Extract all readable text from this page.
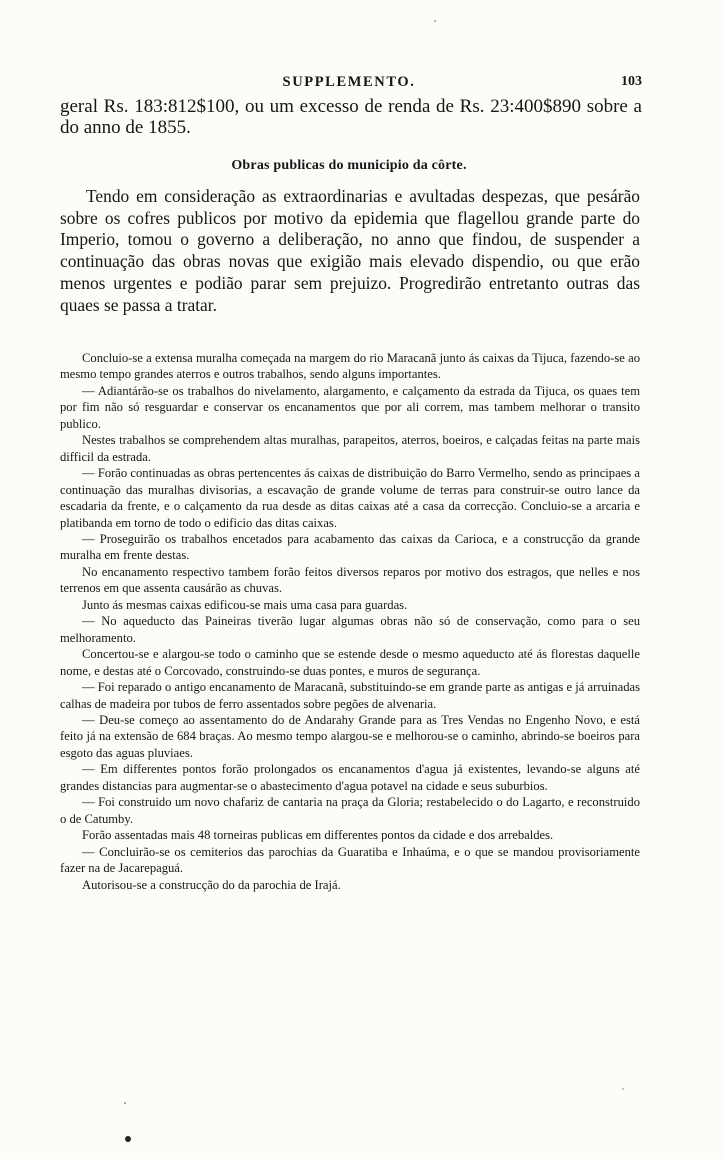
SUPPLEMENTO.	103
geral Rs. 183:812$100, ou um excesso de renda de Rs. 23:400$890 sobre a do anno de 1855.
Obras publicas do municipio da côrte.

Tendo em consideração as extraordinarias e avultadas despezas, que pesárão sobre os cofres publicos por motivo da epidemia que flagellou grande parte do Imperio, tomou o governo a deliberação, no anno que findou, de suspender a continuação das obras novas que exigião mais elevado dispendio, ou que erão menos urgentes e podião parar sem prejuizo. Progredirão entretanto outras das quaes se passa a tratar.

Concluio-se a extensa muralha começada na margem do rio Maracanã junto ás caixas da Tijuca, fazendo-se ao mesmo tempo grandes aterros e outros trabalhos, sendo alguns importantes.

— Adiantárão-se os trabalhos do nivelamento, alargamento, e calçamento da estrada da Tijuca, os quaes tem por fim não só resguardar e conservar os encanamentos que por ali correm, mas tambem melhorar o transito publico.

Nestes trabalhos se comprehendem altas muralhas, parapeitos, aterros, boeiros, e calçadas feitas na parte mais difficil da estrada.

— Forão continuadas as obras pertencentes ás caixas de distribuição do Barro Vermelho, sendo as principaes a continuação das muralhas divisorias, a escavação de grande volume de terras para construir-se outro lance da escadaria da frente, e o calçamento da rua desde as ditas caixas até a casa da correcção. Concluio-se a arcaria e platibanda em torno de todo o edificio das ditas caixas.

— Proseguirão os trabalhos encetados para acabamento das caixas da Carioca, e a construcção da grande muralha em frente destas.

No encanamento respectivo tambem forão feitos diversos reparos por motivo dos estragos, que nelles e nos terrenos em que assenta causárão as chuvas.

Junto ás mesmas caixas edificou-se mais uma casa para guardas.

— No aqueducto das Paineiras tiverão lugar algumas obras não só de conservação, como para o seu melhoramento.

Concertou-se e alargou-se todo o caminho que se estende desde o mesmo aqueducto até ás florestas daquelle nome, e destas até o Corcovado, construindo-se duas pontes, e muros de segurança.

— Foi reparado o antigo encanamento de Maracanã, substituindo-se em grande parte as antigas e já arruinadas calhas de madeira por tubos de ferro assentados sobre pegões de alvenaria.

— Deu-se começo ao assentamento do de Andarahy Grande para as Tres Vendas no Engenho Novo, e está feito já na extensão de 684 braças. Ao mesmo tempo alargou-se e melhorou-se o caminho, abrindo-se boeiros para esgoto das aguas pluviaes.

— Em differentes pontos forão prolongados os encanamentos d'agua já existentes, levando-se alguns até grandes distancias para augmentar-se o abastecimento d'agua potavel na cidade e seus suburbios.

— Foi construido um novo chafariz de cantaria na praça da Gloria; restabelecido o do Lagarto, e reconstruido o de Catumby.

Forão assentadas mais 48 torneiras publicas em differentes pontos da cidade e dos arrebaldes.

— Concluirão-se os cemiterios das parochias da Guaratiba e Inhaúma, e o que se mandou provisoriamente fazer na de Jacarepaguá.

Autorisou-se a construcção do da parochia de Irajá.
